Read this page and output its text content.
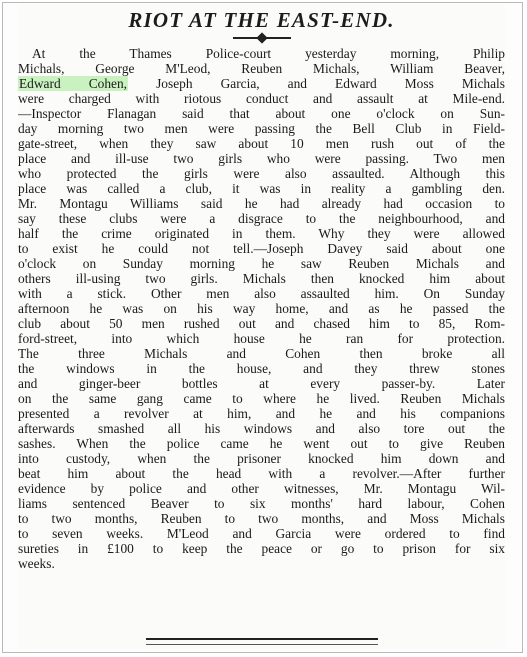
RIOT AT THE EAST-END.
At the Thames Police-court yesterday morning, Philip
Michals, George M'Leod, Reuben Michals, William Beaver,
Edward Cohen, Joseph Garcia, and Edward Moss Michals
were charged with riotous conduct and assault at Mile-end.
—Inspector Flanagan said that about one o'clock on Sun-
day morning two men were passing the Bell Club in Field-
gate-street, when they saw about 10 men rush out of the
place and ill-use two girls who were passing. Two men
who protected the girls were also assaulted. Although this
place was called a club, it was in reality a gambling den.
Mr. Montagu Williams said he had already had occasion to
say these clubs were a disgrace to the neighbourhood, and
half the crime originated in them. Why they were allowed
to exist he could not tell.—Joseph Davey said about one
o'clock on Sunday morning he saw Reuben Michals and
others ill-using two girls. Michals then knocked him about
with a stick. Other men also assaulted him. On Sunday
afternoon he was on his way home, and as he passed the
club about 50 men rushed out and chased him to 85, Rom-
ford-street, into which house he ran for protection.
The three Michals and Cohen then broke all
the windows in the house, and they threw stones
and ginger-beer bottles at every passer-by. Later
on the same gang came to where he lived. Reuben Michals
presented a revolver at him, and he and his companions
afterwards smashed all his windows and also tore out the
sashes. When the police came he went out to give Reuben
into custody, when the prisoner knocked him down and
beat him about the head with a revolver.—After further
evidence by police and other witnesses, Mr. Montagu Wil-
liams sentenced Beaver to six months' hard labour, Cohen
to two months, Reuben to two months, and Moss Michals
to seven weeks. M'Leod and Garcia were ordered to find
sureties in £100 to keep the peace or go to prison for six
weeks.
